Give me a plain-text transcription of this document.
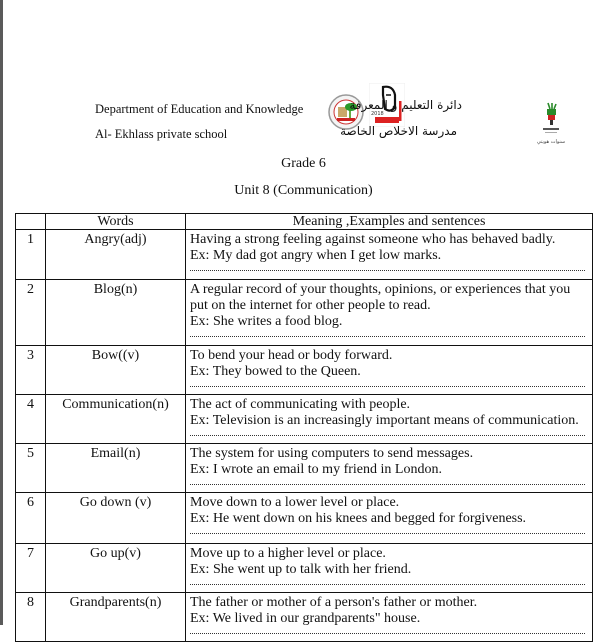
Department of Education and Knowledge
Al- Ekhlass private school
2018
دائرة التعليم و المعرفة
مدرسة الاخلاص الخاصة
سنوات هويتي
Grade 6
Unit 8 (Communication)
	Words	Meaning ,Examples and sentences
1	Angry(adj)	Having a strong feeling against someone who has behaved badly.
Ex: My dad got angry when I get low marks.

2	Blog(n)	A regular record of your thoughts, opinions, or experiences that you
put on the internet for other people to read.
Ex: She writes a food blog.

3	Bow((v)	To bend your head or body forward.
Ex: They bowed to the Queen.

4	Communication(n)	The act of communicating with people.
Ex: Television is an increasingly important means of communication.

5	Email(n)	The system for using computers to send messages.
Ex: I wrote an email to my friend in London.

6	Go down (v)	Move down to a lower level or place.
Ex: He went down on his knees and begged for forgiveness.

7	Go up(v)	Move up to a higher level or place.
Ex: She went up to talk with her friend.

8	Grandparents(n)	The father or mother of a person's father or mother.
Ex: We lived in our grandparents" house.
